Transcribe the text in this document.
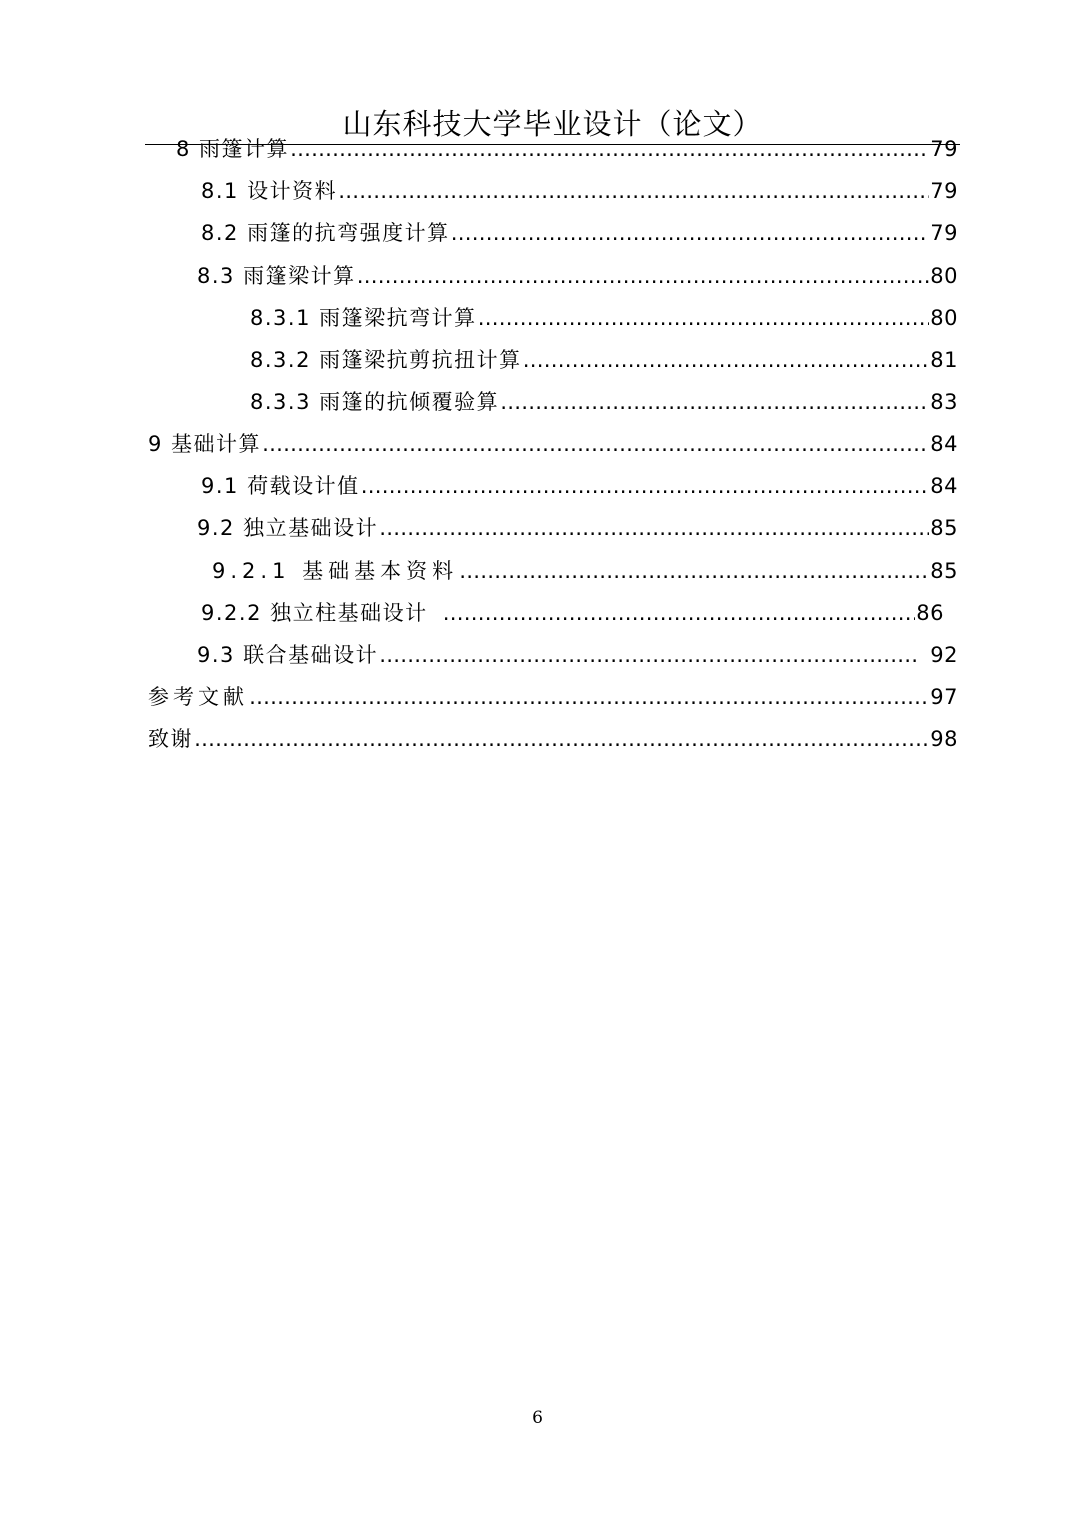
山东科技大学毕业设计（论文）
8 雨篷计算 ………………………………………………………………………………………………………………………………………………………………………………………………………………	79
8.1 设计资料 ………………………………………………………………………………………………………………………………………………………………………………………………………………	79
8.2 雨篷的抗弯强度计算 ………………………………………………………………………………………………………………………………………………………………………………………………………………	79
8.3 雨篷梁计算 ………………………………………………………………………………………………………………………………………………………………………………………………………………	80
8.3.1 雨篷梁抗弯计算 ………………………………………………………………………………………………………………………………………………………………………………………………………………	80
8.3.2 雨篷梁抗剪抗扭计算 ………………………………………………………………………………………………………………………………………………………………………………………………………………	81
8.3.3 雨篷的抗倾覆验算 ………………………………………………………………………………………………………………………………………………………………………………………………………………	83
9 基础计算 ………………………………………………………………………………………………………………………………………………………………………………………………………………	84
9.1 荷载设计值 ………………………………………………………………………………………………………………………………………………………………………………………………………………	84
9.2 独立基础设计 ………………………………………………………………………………………………………………………………………………………………………………………………………………	85
9.2.1 基础基本资料 ………………………………………………………………………………………………………………………………………………………………………………………………………………	85
9.2.2 独立柱基础设计 ………………………………………………………………………………………………………………………………………………………………………………………………………………	86
9.3 联合基础设计 ………………………………………………………………………………………………………………………………………………………………………………………………………………	92
参考文献 ………………………………………………………………………………………………………………………………………………………………………………………………………………	97
致谢 ………………………………………………………………………………………………………………………………………………………………………………………………………………	98
6
